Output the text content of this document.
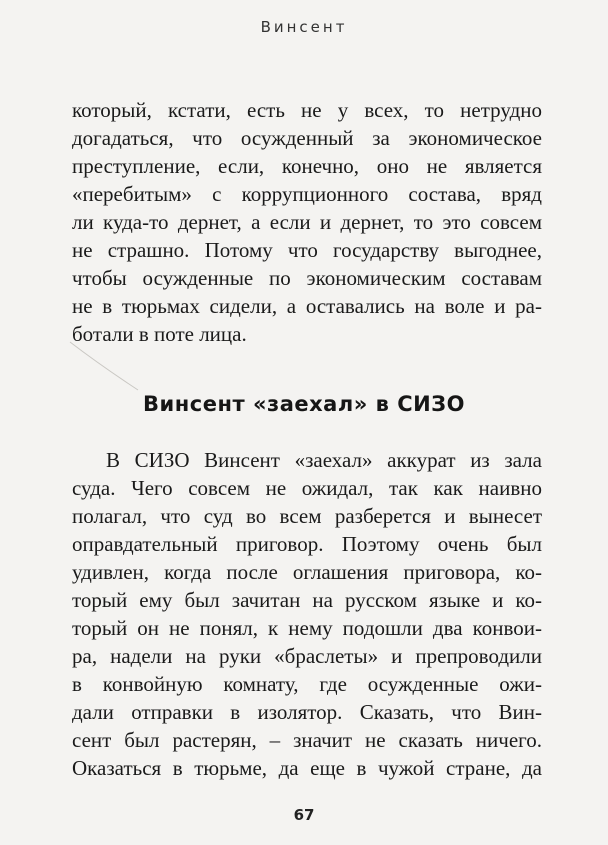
Винсент
который, кстати, есть не у всех, то нетрудно
догадаться, что осужденный за экономическое
преступление, если, конечно, оно не является
«перебитым» с коррупционного состава, вряд
ли куда-то дернет, а если и дернет, то это совсем
не страшно. Потому что государству выгоднее,
чтобы осужденные по экономическим составам
не в тюрьмах сидели, а оставались на воле и ра-
ботали в поте лица.
Винсент «заехал» в СИЗО
В СИЗО Винсент «заехал» аккурат из зала
суда. Чего совсем не ожидал, так как наивно
полагал, что суд во всем разберется и вынесет
оправдательный приговор. Поэтому очень был
удивлен, когда после оглашения приговора, ко-
торый ему был зачитан на русском языке и ко-
торый он не понял, к нему подошли два конвои-
ра, надели на руки «браслеты» и препроводили
в конвойную комнату, где осужденные ожи-
дали отправки в изолятор. Сказать, что Вин-
сент был растерян, – значит не сказать ничего.
Оказаться в тюрьме, да еще в чужой стране, да
67
